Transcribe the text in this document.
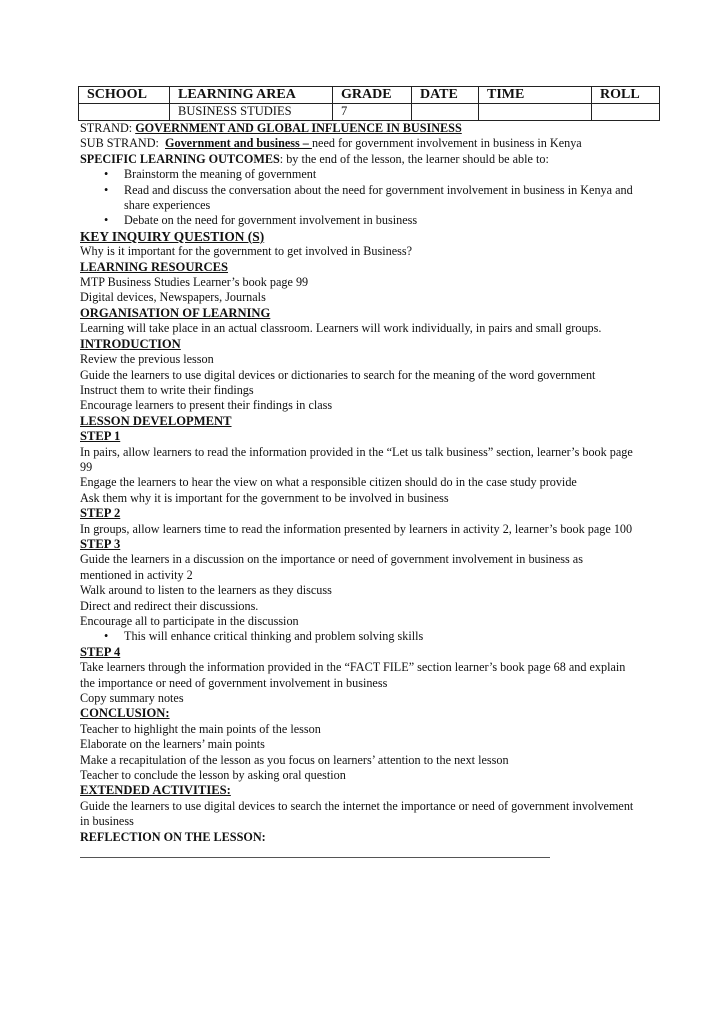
SCHOOL	LEARNING AREA	GRADE	DATE	TIME	ROLL
	BUSINESS STUDIES	7			
STRAND: GOVERNMENT AND GLOBAL INFLUENCE IN BUSINESS
SUB STRAND:  Government and business – need for government involvement in business in Kenya
SPECIFIC LEARNING OUTCOMES: by the end of the lesson, the learner should be able to:
• Brainstorm the meaning of government
• Read and discuss the conversation about the need for government involvement in business in Kenya and share experiences
• Debate on the need for government involvement in business
KEY INQUIRY QUESTION (S)
Why is it important for the government to get involved in Business?
LEARNING RESOURCES
MTP Business Studies Learner’s book page 99
Digital devices, Newspapers, Journals
ORGANISATION OF LEARNING
Learning will take place in an actual classroom. Learners will work individually, in pairs and small groups.
INTRODUCTION
Review the previous lesson
Guide the learners to use digital devices or dictionaries to search for the meaning of the word government
Instruct them to write their findings
Encourage learners to present their findings in class
LESSON DEVELOPMENT
STEP 1
In pairs, allow learners to read the information provided in the “Let us talk business” section, learner’s book page 99
Engage the learners to hear the view on what a responsible citizen should do in the case study provide
Ask them why it is important for the government to be involved in business
STEP 2
In groups, allow learners time to read the information presented by learners in activity 2, learner’s book page 100
STEP 3
Guide the learners in a discussion on the importance or need of government involvement in business as mentioned in activity 2
Walk around to listen to the learners as they discuss
Direct and redirect their discussions.
Encourage all to participate in the discussion
• This will enhance critical thinking and problem solving skills
STEP 4
Take learners through the information provided in the “FACT FILE” section learner’s book page 68 and explain the importance or need of government involvement in business
Copy summary notes
CONCLUSION:
Teacher to highlight the main points of the lesson
Elaborate on the learners’ main points
Make a recapitulation of the lesson as you focus on learners’ attention to the next lesson
Teacher to conclude the lesson by asking oral question
EXTENDED ACTIVITIES:
Guide the learners to use digital devices to search the internet the importance or need of government involvement in business
REFLECTION ON THE LESSON:
